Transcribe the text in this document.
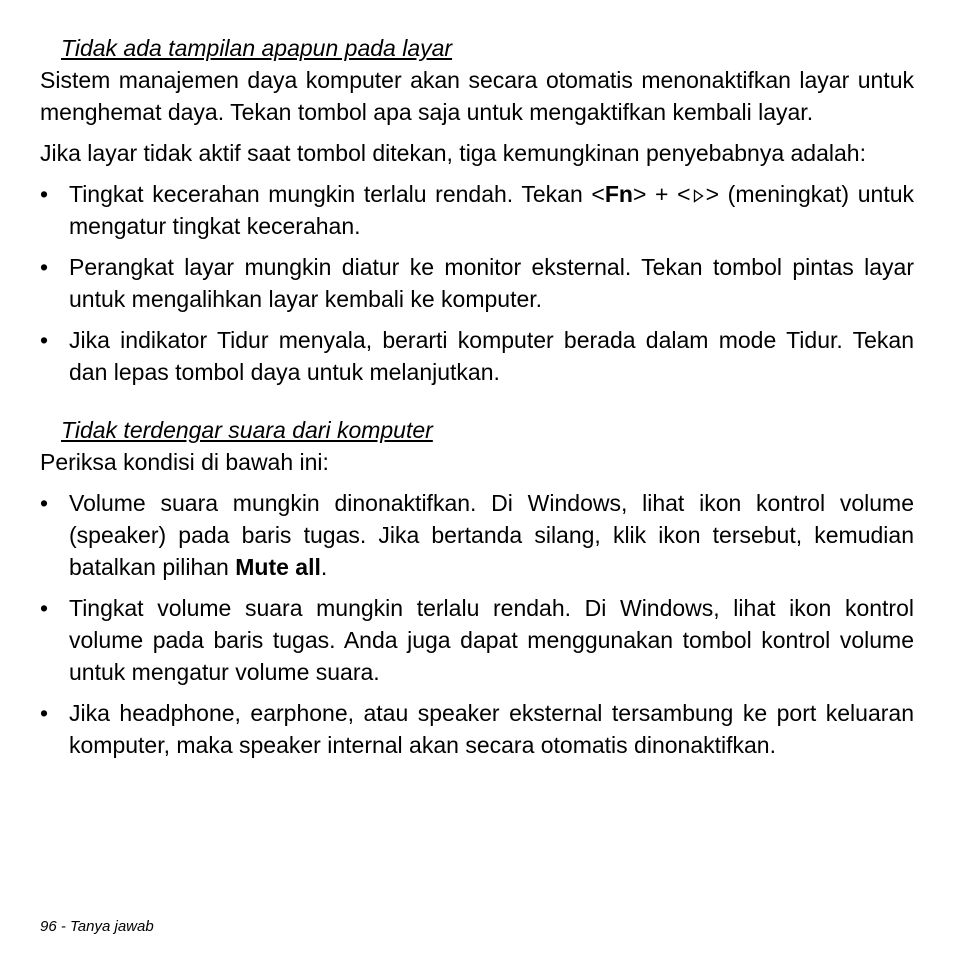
Tidak ada tampilan apapun pada layar

Sistem manajemen daya komputer akan secara otomatis menonaktifkan layar untuk menghemat daya. Tekan tombol apa saja untuk mengaktifkan kembali layar.

Jika layar tidak aktif saat tombol ditekan, tiga kemungkinan penyebabnya adalah:

• Tingkat kecerahan mungkin terlalu rendah. Tekan <Fn> + < > (meningkat) untuk mengatur tingkat kecerahan.
• Perangkat layar mungkin diatur ke monitor eksternal. Tekan tombol pintas layar untuk mengalihkan layar kembali ke komputer.
• Jika indikator Tidur menyala, berarti komputer berada dalam mode Tidur. Tekan dan lepas tombol daya untuk melanjutkan.
Tidak terdengar suara dari komputer

Periksa kondisi di bawah ini:

• Volume suara mungkin dinonaktifkan. Di Windows, lihat ikon kontrol volume (speaker) pada baris tugas. Jika bertanda silang, klik ikon tersebut, kemudian batalkan pilihan Mute all.
• Tingkat volume suara mungkin terlalu rendah. Di Windows, lihat ikon kontrol volume pada baris tugas. Anda juga dapat menggunakan tombol kontrol volume untuk mengatur volume suara.
• Jika headphone, earphone, atau speaker eksternal tersambung ke port keluaran komputer, maka speaker internal akan secara otomatis dinonaktifkan.
96 - Tanya jawab
